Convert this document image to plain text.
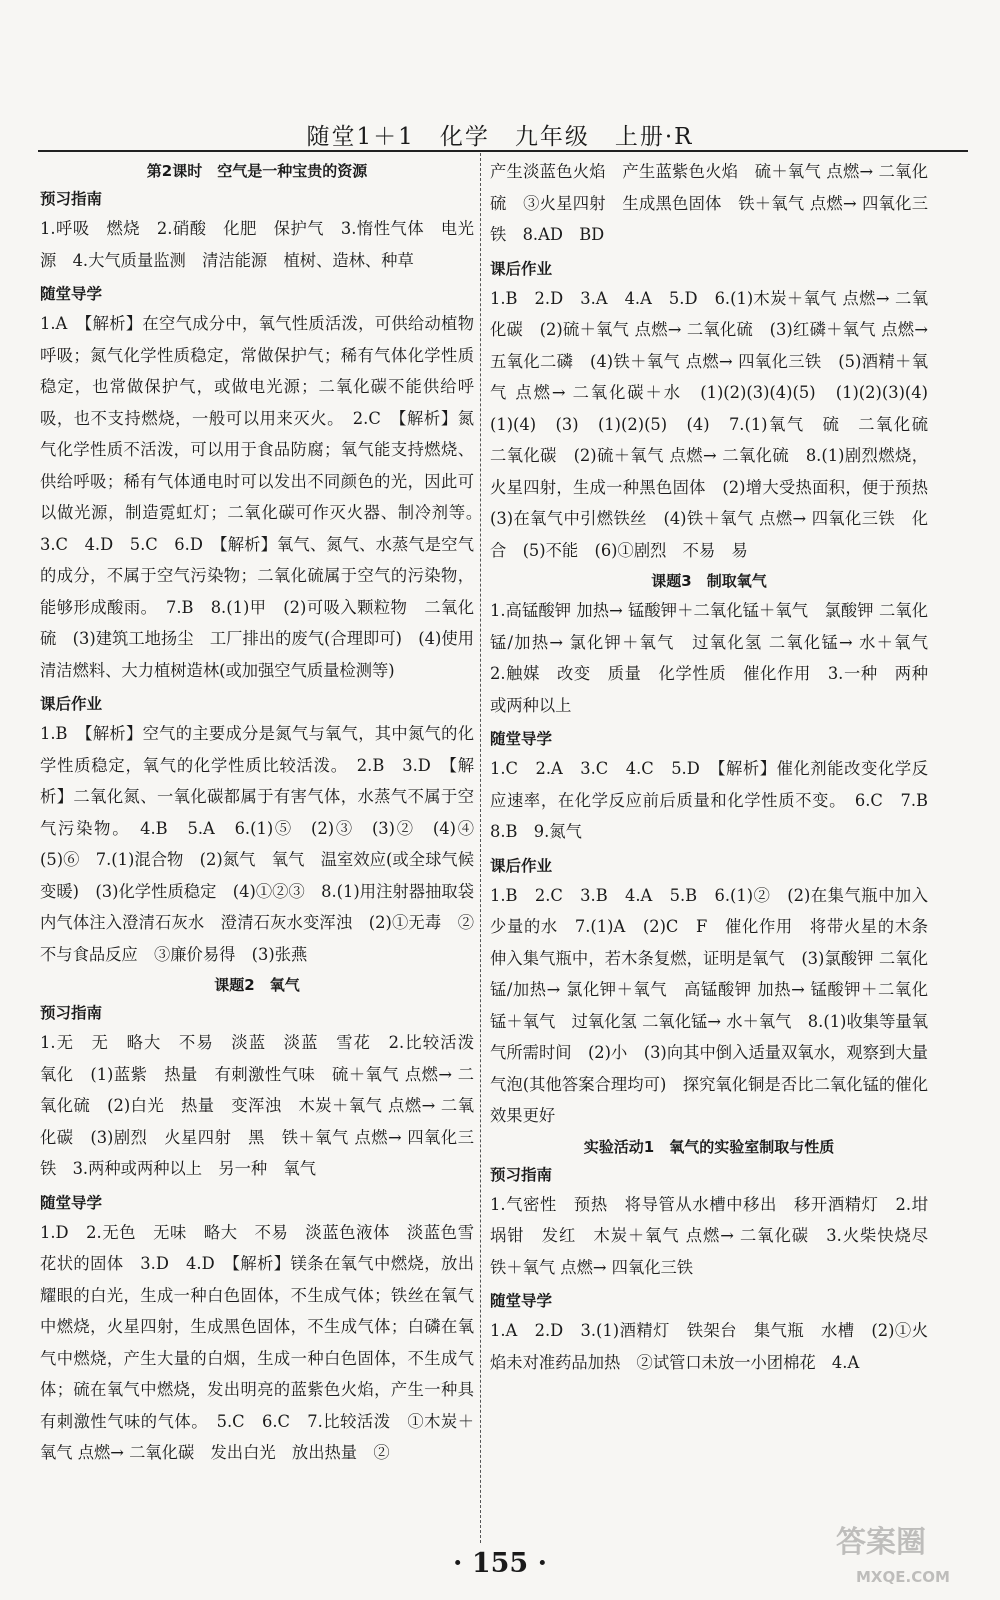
随堂1＋1　化学　九年级　上册·R
第2课时　空气是一种宝贵的资源
预习指南

1.呼吸　燃烧　2.硝酸　化肥　保护气　3.惰性气体　电光源　4.大气质量监测　清洁能源　植树、造林、种草

随堂导学

1.A　【解析】在空气成分中，氧气性质活泼，可供给动植物呼吸；氮气化学性质稳定，常做保护气；稀有气体化学性质稳定，也常做保护气，或做电光源；二氧化碳不能供给呼吸，也不支持燃烧，一般可以用来灭火。　2.C　【解析】氮气化学性质不活泼，可以用于食品防腐；氧气能支持燃烧、供给呼吸；稀有气体通电时可以发出不同颜色的光，因此可以做光源，制造霓虹灯；二氧化碳可作灭火器、制冷剂等。　3.C　4.D　5.C　6.D　【解析】氧气、氮气、水蒸气是空气的成分，不属于空气污染物；二氧化硫属于空气的污染物，能够形成酸雨。　7.B　8.(1)甲　(2)可吸入颗粒物　二氧化硫　(3)建筑工地扬尘　工厂排出的废气(合理即可)　(4)使用清洁燃料、大力植树造林(或加强空气质量检测等)

课后作业

1.B　【解析】空气的主要成分是氮气与氧气，其中氮气的化学性质稳定，氧气的化学性质比较活泼。　2.B　3.D　【解析】二氧化氮、一氧化碳都属于有害气体，水蒸气不属于空气污染物。　4.B　5.A　6.(1)⑤　(2)③　(3)②　(4)④　(5)⑥　7.(1)混合物　(2)氮气　氧气　温室效应(或全球气候变暖)　(3)化学性质稳定　(4)①②③　8.(1)用注射器抽取袋内气体注入澄清石灰水　澄清石灰水变浑浊　(2)①无毒　②不与食品反应　③廉价易得　(3)张燕

课题2　氧气
预习指南

1.无　无　略大　不易　淡蓝　淡蓝　雪花　2.比较活泼　氧化　(1)蓝紫　热量　有刺激性气味　硫＋氧气 点燃→ 二氧化硫　(2)白光　热量　变浑浊　木炭＋氧气 点燃→ 二氧化碳　(3)剧烈　火星四射　黑　铁＋氧气 点燃→ 四氧化三铁　3.两种或两种以上　另一种　氧气

随堂导学

1.D　2.无色　无味　略大　不易　淡蓝色液体　淡蓝色雪花状的固体　3.D　4.D　【解析】镁条在氧气中燃烧，放出耀眼的白光，生成一种白色固体，不生成气体；铁丝在氧气中燃烧，火星四射，生成黑色固体，不生成气体；白磷在氧气中燃烧，产生大量的白烟，生成一种白色固体，不生成气体；硫在氧气中燃烧，发出明亮的蓝紫色火焰，产生一种具有刺激性气味的气体。　5.C　6.C　7.比较活泼　①木炭＋氧气 点燃→ 二氧化碳　发出白光　放出热量　②

产生淡蓝色火焰　产生蓝紫色火焰　硫＋氧气 点燃→ 二氧化硫　③火星四射　生成黑色固体　铁＋氧气 点燃→ 四氧化三铁　8.AD　BD

课后作业

1.B　2.D　3.A　4.A　5.D　6.(1)木炭＋氧气 点燃→ 二氧化碳　(2)硫＋氧气 点燃→ 二氧化硫　(3)红磷＋氧气 点燃→ 五氧化二磷　(4)铁＋氧气 点燃→ 四氧化三铁　(5)酒精＋氧气 点燃→ 二氧化碳＋水　(1)(2)(3)(4)(5)　(1)(2)(3)(4)　(1)(4)　(3)　(1)(2)(5)　(4)　7.(1)氧气　硫　二氧化硫　二氧化碳　(2)硫＋氧气 点燃→ 二氧化硫　8.(1)剧烈燃烧，火星四射，生成一种黑色固体　(2)增大受热面积，便于预热　(3)在氧气中引燃铁丝　(4)铁＋氧气 点燃→ 四氧化三铁　化合　(5)不能　(6)①剧烈　不易　易

课题3　制取氧气

1.高锰酸钾 加热→ 锰酸钾＋二氧化锰＋氧气　氯酸钾 二氧化锰/加热→ 氯化钾＋氧气　过氧化氢 二氧化锰→ 水＋氧气　2.触媒　改变　质量　化学性质　催化作用　3.一种　两种或两种以上

随堂导学

1.C　2.A　3.C　4.C　5.D　【解析】催化剂能改变化学反应速率，在化学反应前后质量和化学性质不变。　6.C　7.B　8.B　9.氮气

课后作业

1.B　2.C　3.B　4.A　5.B　6.(1)②　(2)在集气瓶中加入少量的水　7.(1)A　(2)C　F　催化作用　将带火星的木条伸入集气瓶中，若木条复燃，证明是氧气　(3)氯酸钾 二氧化锰/加热→ 氯化钾＋氧气　高锰酸钾 加热→ 锰酸钾＋二氧化锰＋氧气　过氧化氢 二氧化锰→ 水＋氧气　8.(1)收集等量氧气所需时间　(2)小　(3)向其中倒入适量双氧水，观察到大量气泡(其他答案合理均可)　探究氧化铜是否比二氧化锰的催化效果更好

实验活动1　氧气的实验室制取与性质
预习指南

1.气密性　预热　将导管从水槽中移出　移开酒精灯　2.坩埚钳　发红　木炭＋氧气 点燃→ 二氧化碳　3.火柴快烧尽　铁＋氧气 点燃→ 四氧化三铁

随堂导学

1.A　2.D　3.(1)酒精灯　铁架台　集气瓶　水槽　(2)①火焰未对准药品加热　②试管口未放一小团棉花　4.A

· 155 ·
答案圈
MXQE.COM
